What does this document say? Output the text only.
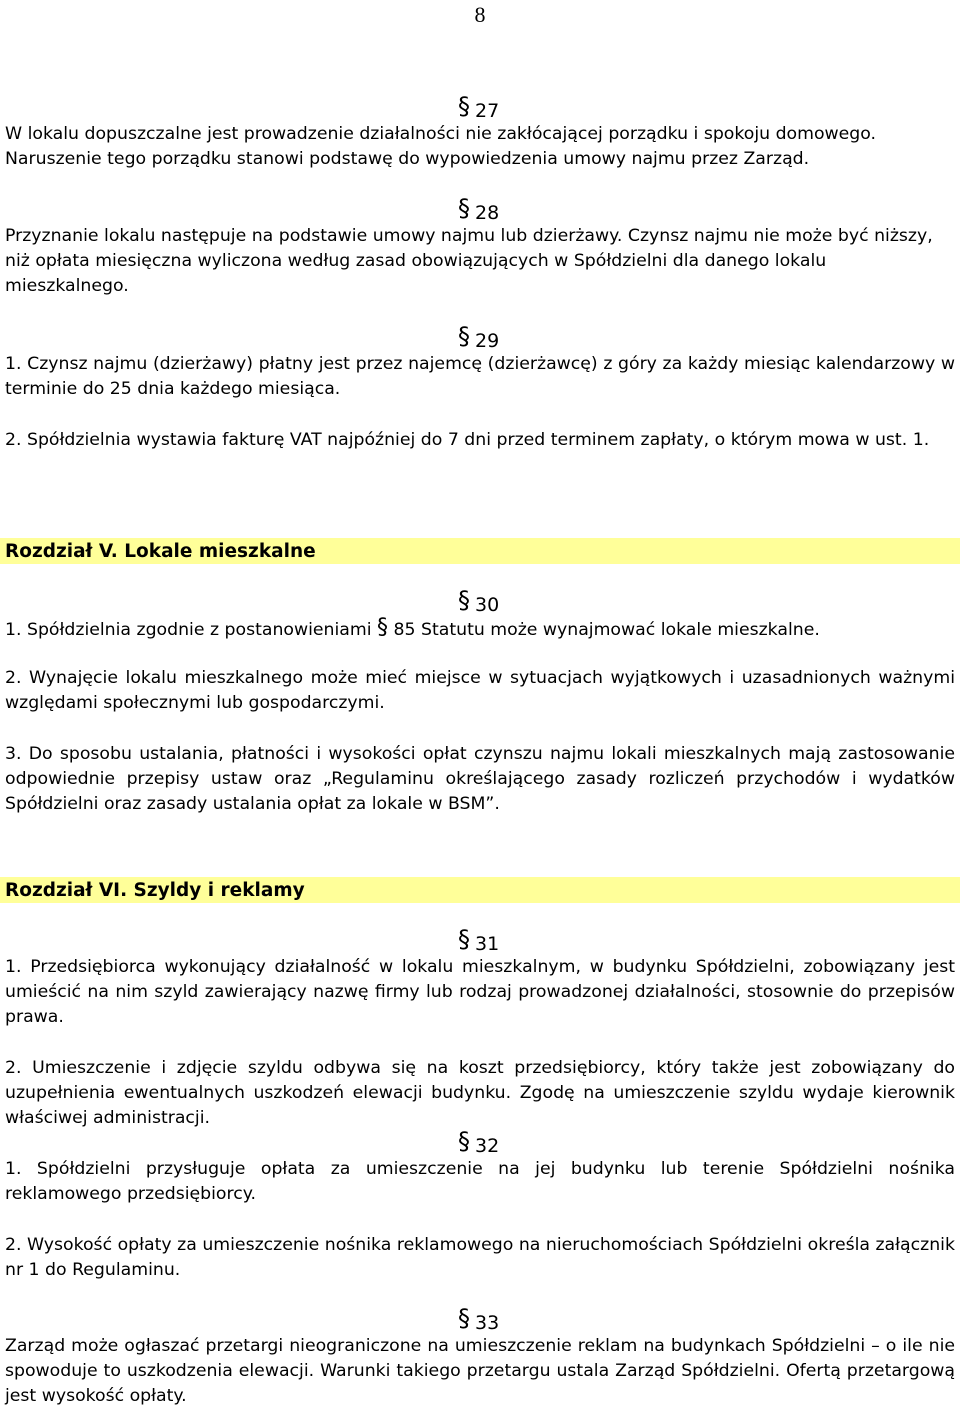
8
§ 27
W lokalu dopuszczalne jest prowadzenie działalności nie zakłócającej porządku i spokoju domowego. Naruszenie tego porządku stanowi podstawę do wypowiedzenia umowy najmu przez Zarząd.
§ 28
Przyznanie lokalu następuje na podstawie umowy najmu lub dzierżawy. Czynsz najmu nie może być niższy, niż opłata miesięczna wyliczona według zasad obowiązujących w Spółdzielni dla danego lokalu mieszkalnego.
§ 29
1. Czynsz najmu (dzierżawy) płatny jest przez najemcę (dzierżawcę) z góry za każdy miesiąc kalendarzowy w terminie do 25 dnia każdego miesiąca.
2. Spółdzielnia wystawia fakturę VAT najpóźniej do 7 dni przed terminem zapłaty, o którym mowa w ust. 1.
Rozdział V. Lokale mieszkalne
§ 30
1. Spółdzielnia zgodnie z postanowieniami § 85 Statutu może wynajmować lokale mieszkalne.
2. Wynajęcie lokalu mieszkalnego może mieć miejsce w sytuacjach wyjątkowych i uzasadnionych ważnymi względami społecznymi lub gospodarczymi.
3. Do sposobu ustalania, płatności i wysokości opłat czynszu najmu lokali mieszkalnych mają zastosowanie odpowiednie przepisy ustaw oraz „Regulaminu określającego zasady rozliczeń przychodów i wydatków Spółdzielni oraz zasady ustalania opłat za lokale w BSM”.
Rozdział VI. Szyldy i reklamy
§ 31
1. Przedsiębiorca wykonujący działalność w lokalu mieszkalnym, w budynku Spółdzielni, zobowiązany jest umieścić na nim szyld zawierający nazwę firmy lub rodzaj prowadzonej działalności, stosownie do przepisów prawa.
2. Umieszczenie i zdjęcie szyldu odbywa się na koszt przedsiębiorcy, który także jest zobowiązany do uzupełnienia ewentualnych uszkodzeń elewacji budynku. Zgodę na umieszczenie szyldu wydaje kierownik właściwej administracji.
§ 32
1. Spółdzielni przysługuje opłata za umieszczenie na jej budynku lub terenie Spółdzielni nośnika reklamowego przedsiębiorcy.
2. Wysokość opłaty za umieszczenie nośnika reklamowego na nieruchomościach Spółdzielni określa załącznik nr 1 do Regulaminu.
§ 33
Zarząd może ogłaszać przetargi nieograniczone na umieszczenie reklam na budynkach Spółdzielni – o ile nie spowoduje to uszkodzenia elewacji. Warunki takiego przetargu ustala Zarząd Spółdzielni. Ofertą przetargową jest wysokość opłaty.
